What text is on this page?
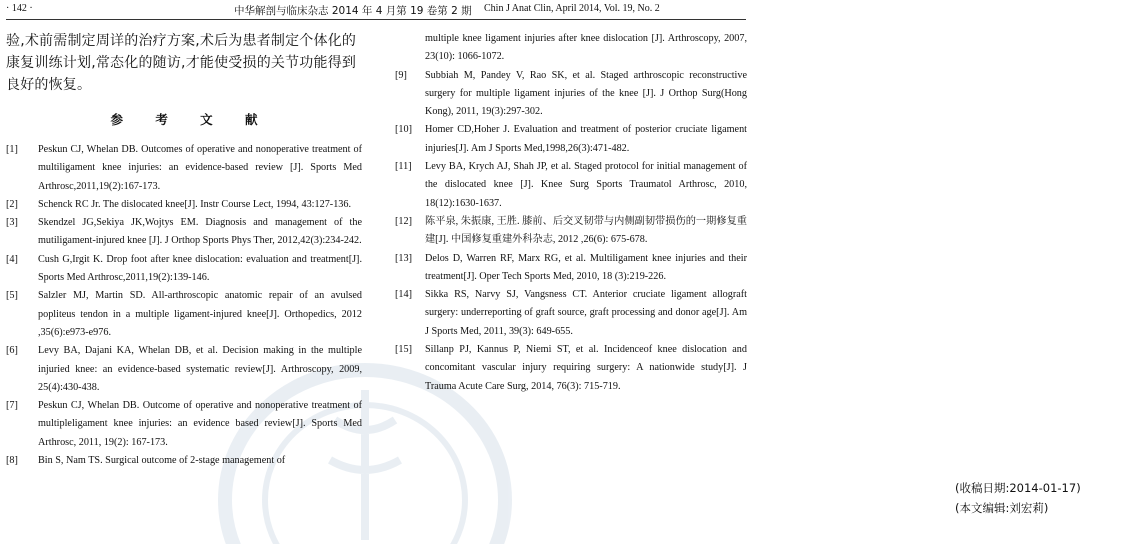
· 142 ·	中华解剖与临床杂志 2014 年 4 月第 19 卷第 2 期 Chin J Anat Clin, April 2014, Vol. 19, No. 2

验,术前需制定周详的治疗方案,术后为患者制定个体化的康复训练计划,常态化的随访,才能使受损的关节功能得到良好的恢复。

参 考 文 献
[1]	Peskun CJ, Whelan DB. Outcomes of operative and nonoperative treatment of multiligament knee injuries: an evidence-based review [J]. Sports Med Arthrosc,2011,19(2):167-173.
[2]	Schenck RC Jr. The dislocated knee[J]. Instr Course Lect, 1994, 43:127-136.
[3]	Skendzel JG,Sekiya JK,Wojtys EM. Diagnosis and management of the mutiligament-injured knee [J]. J Orthop Sports Phys Ther, 2012,42(3):234-242.
[4]	Cush G,Irgit K. Drop foot after knee dislocation: evaluation and treatment[J]. Sports Med Arthrosc,2011,19(2):139-146.
[5]	Salzler MJ, Martin SD. All-arthroscopic anatomic repair of an avulsed popliteus tendon in a multiple ligament-injured knee[J]. Orthopedics, 2012 ,35(6):e973-e976.
[6]	Levy BA, Dajani KA, Whelan DB, et al. Decision making in the multiple injuried knee: an evidence-based systematic review[J]. Arthroscopy, 2009, 25(4):430-438.
[7]	Peskun CJ, Whelan DB. Outcome of operative and nonoperative treatment of multipleligament knee injuries: an evidence based review[J]. Sports Med Arthrosc, 2011, 19(2): 167-173.
[8]	Bin S, Nam TS. Surgical outcome of 2-stage management of
multiple knee ligament injuries after knee dislocation [J]. Arthroscopy, 2007, 23(10): 1066-1072.
[9]	Subbiah M, Pandey V, Rao SK, et al. Staged arthroscopic reconstructive surgery for multiple ligament injuries of the knee [J]. J Orthop Surg(Hong Kong), 2011, 19(3):297-302.
[10]	Homer CD,Hoher J. Evaluation and treatment of posterior cruciate ligament injuries[J]. Am J Sports Med,1998,26(3):471-482.
[11]	Levy BA, Krych AJ, Shah JP, et al. Staged protocol for initial management of the dislocated knee [J]. Knee Surg Sports Traumatol Arthrosc, 2010, 18(12):1630-1637.
[12]	陈平泉, 朱振康, 王胜. 膝前、后交叉韧带与内侧副韧带损伤的一期修复重建[J]. 中国修复重建外科杂志, 2012 ,26(6): 675-678.
[13]	Delos D, Warren RF, Marx RG, et al. Multiligament knee injuries and their treatment[J]. Oper Tech Sports Med, 2010, 18 (3):219-226.
[14]	Sikka RS, Narvy SJ, Vangsness CT. Anterior cruciate ligament allograft surgery: underreporting of graft source, graft processing and donor age[J]. Am J Sports Med, 2011, 39(3): 649-655.
[15]	Sillanp PJ, Kannus P, Niemi ST, et al. Incidenceof knee dislocation and concomitant vascular injury requiring surgery: A nationwide study[J]. J Trauma Acute Care Surg, 2014, 76(3): 715-719.
(收稿日期:2014-01-17)
(本文编辑:刘宏莉)
